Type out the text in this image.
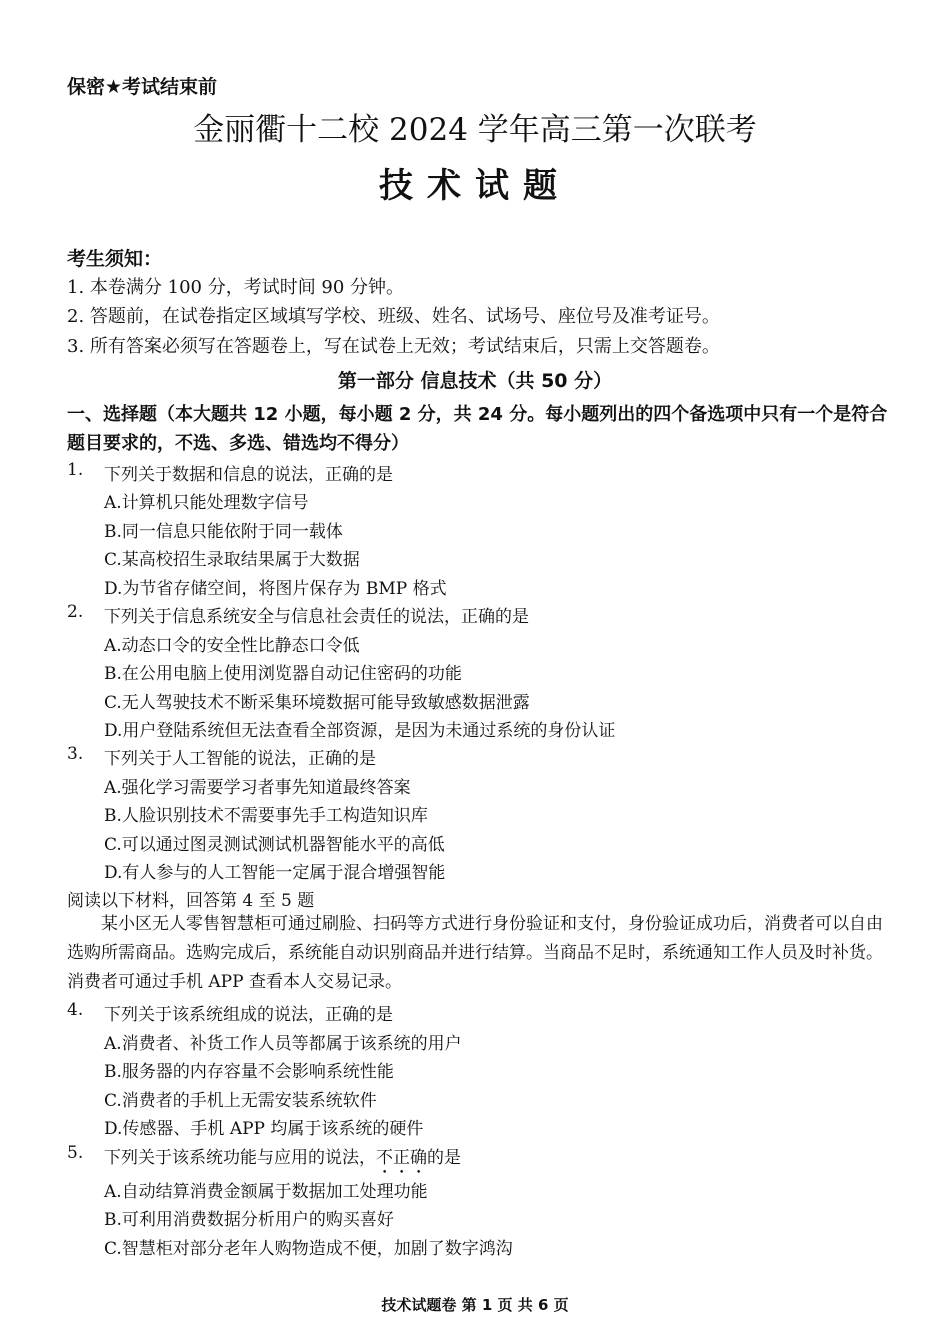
保密★考试结束前
金丽衢十二校 2024 学年高三第一次联考
技术试题
考生须知：
1. 本卷满分 100 分，考试时间 90 分钟。
2. 答题前，在试卷指定区域填写学校、班级、姓名、试场号、座位号及准考证号。
3. 所有答案必须写在答题卷上，写在试卷上无效；考试结束后，只需上交答题卷。
第一部分 信息技术（共 50 分）
一、选择题（本大题共 12 小题，每小题 2 分，共 24 分。每小题列出的四个备选项中只有一个是符合　　题目要求的，不选、多选、错选均不得分）
1. 下列关于数据和信息的说法，正确的是
A.计算机只能处理数字信号
B.同一信息只能依附于同一载体
C.某高校招生录取结果属于大数据
D.为节省存储空间，将图片保存为 BMP 格式
2. 下列关于信息系统安全与信息社会责任的说法，正确的是
A.动态口令的安全性比静态口令低
B.在公用电脑上使用浏览器自动记住密码的功能
C.无人驾驶技术不断采集环境数据可能导致敏感数据泄露
D.用户登陆系统但无法查看全部资源，是因为未通过系统的身份认证
3. 下列关于人工智能的说法，正确的是
A.强化学习需要学习者事先知道最终答案
B.人脸识别技术不需要事先手工构造知识库
C.可以通过图灵测试测试机器智能水平的高低
D.有人参与的人工智能一定属于混合增强智能
阅读以下材料，回答第 4 至 5 题
某小区无人零售智慧柜可通过刷脸、扫码等方式进行身份验证和支付，身份验证成功后，消费者可以自由选购所需商品。选购完成后，系统能自动识别商品并进行结算。当商品不足时，系统通知工作人员及时补货。消费者可通过手机 APP 查看本人交易记录。
4. 下列关于该系统组成的说法，正确的是
A.消费者、补货工作人员等都属于该系统的用户
B.服务器的内存容量不会影响系统性能
C.消费者的手机上无需安装系统软件
D.传感器、手机 APP 均属于该系统的硬件
5. 下列关于该系统功能与应用的说法，不正确的是
A.自动结算消费金额属于数据加工处理功能
B.可利用消费数据分析用户的购买喜好
C.智慧柜对部分老年人购物造成不便，加剧了数字鸿沟
技术试题卷 第 1 页 共 6 页
